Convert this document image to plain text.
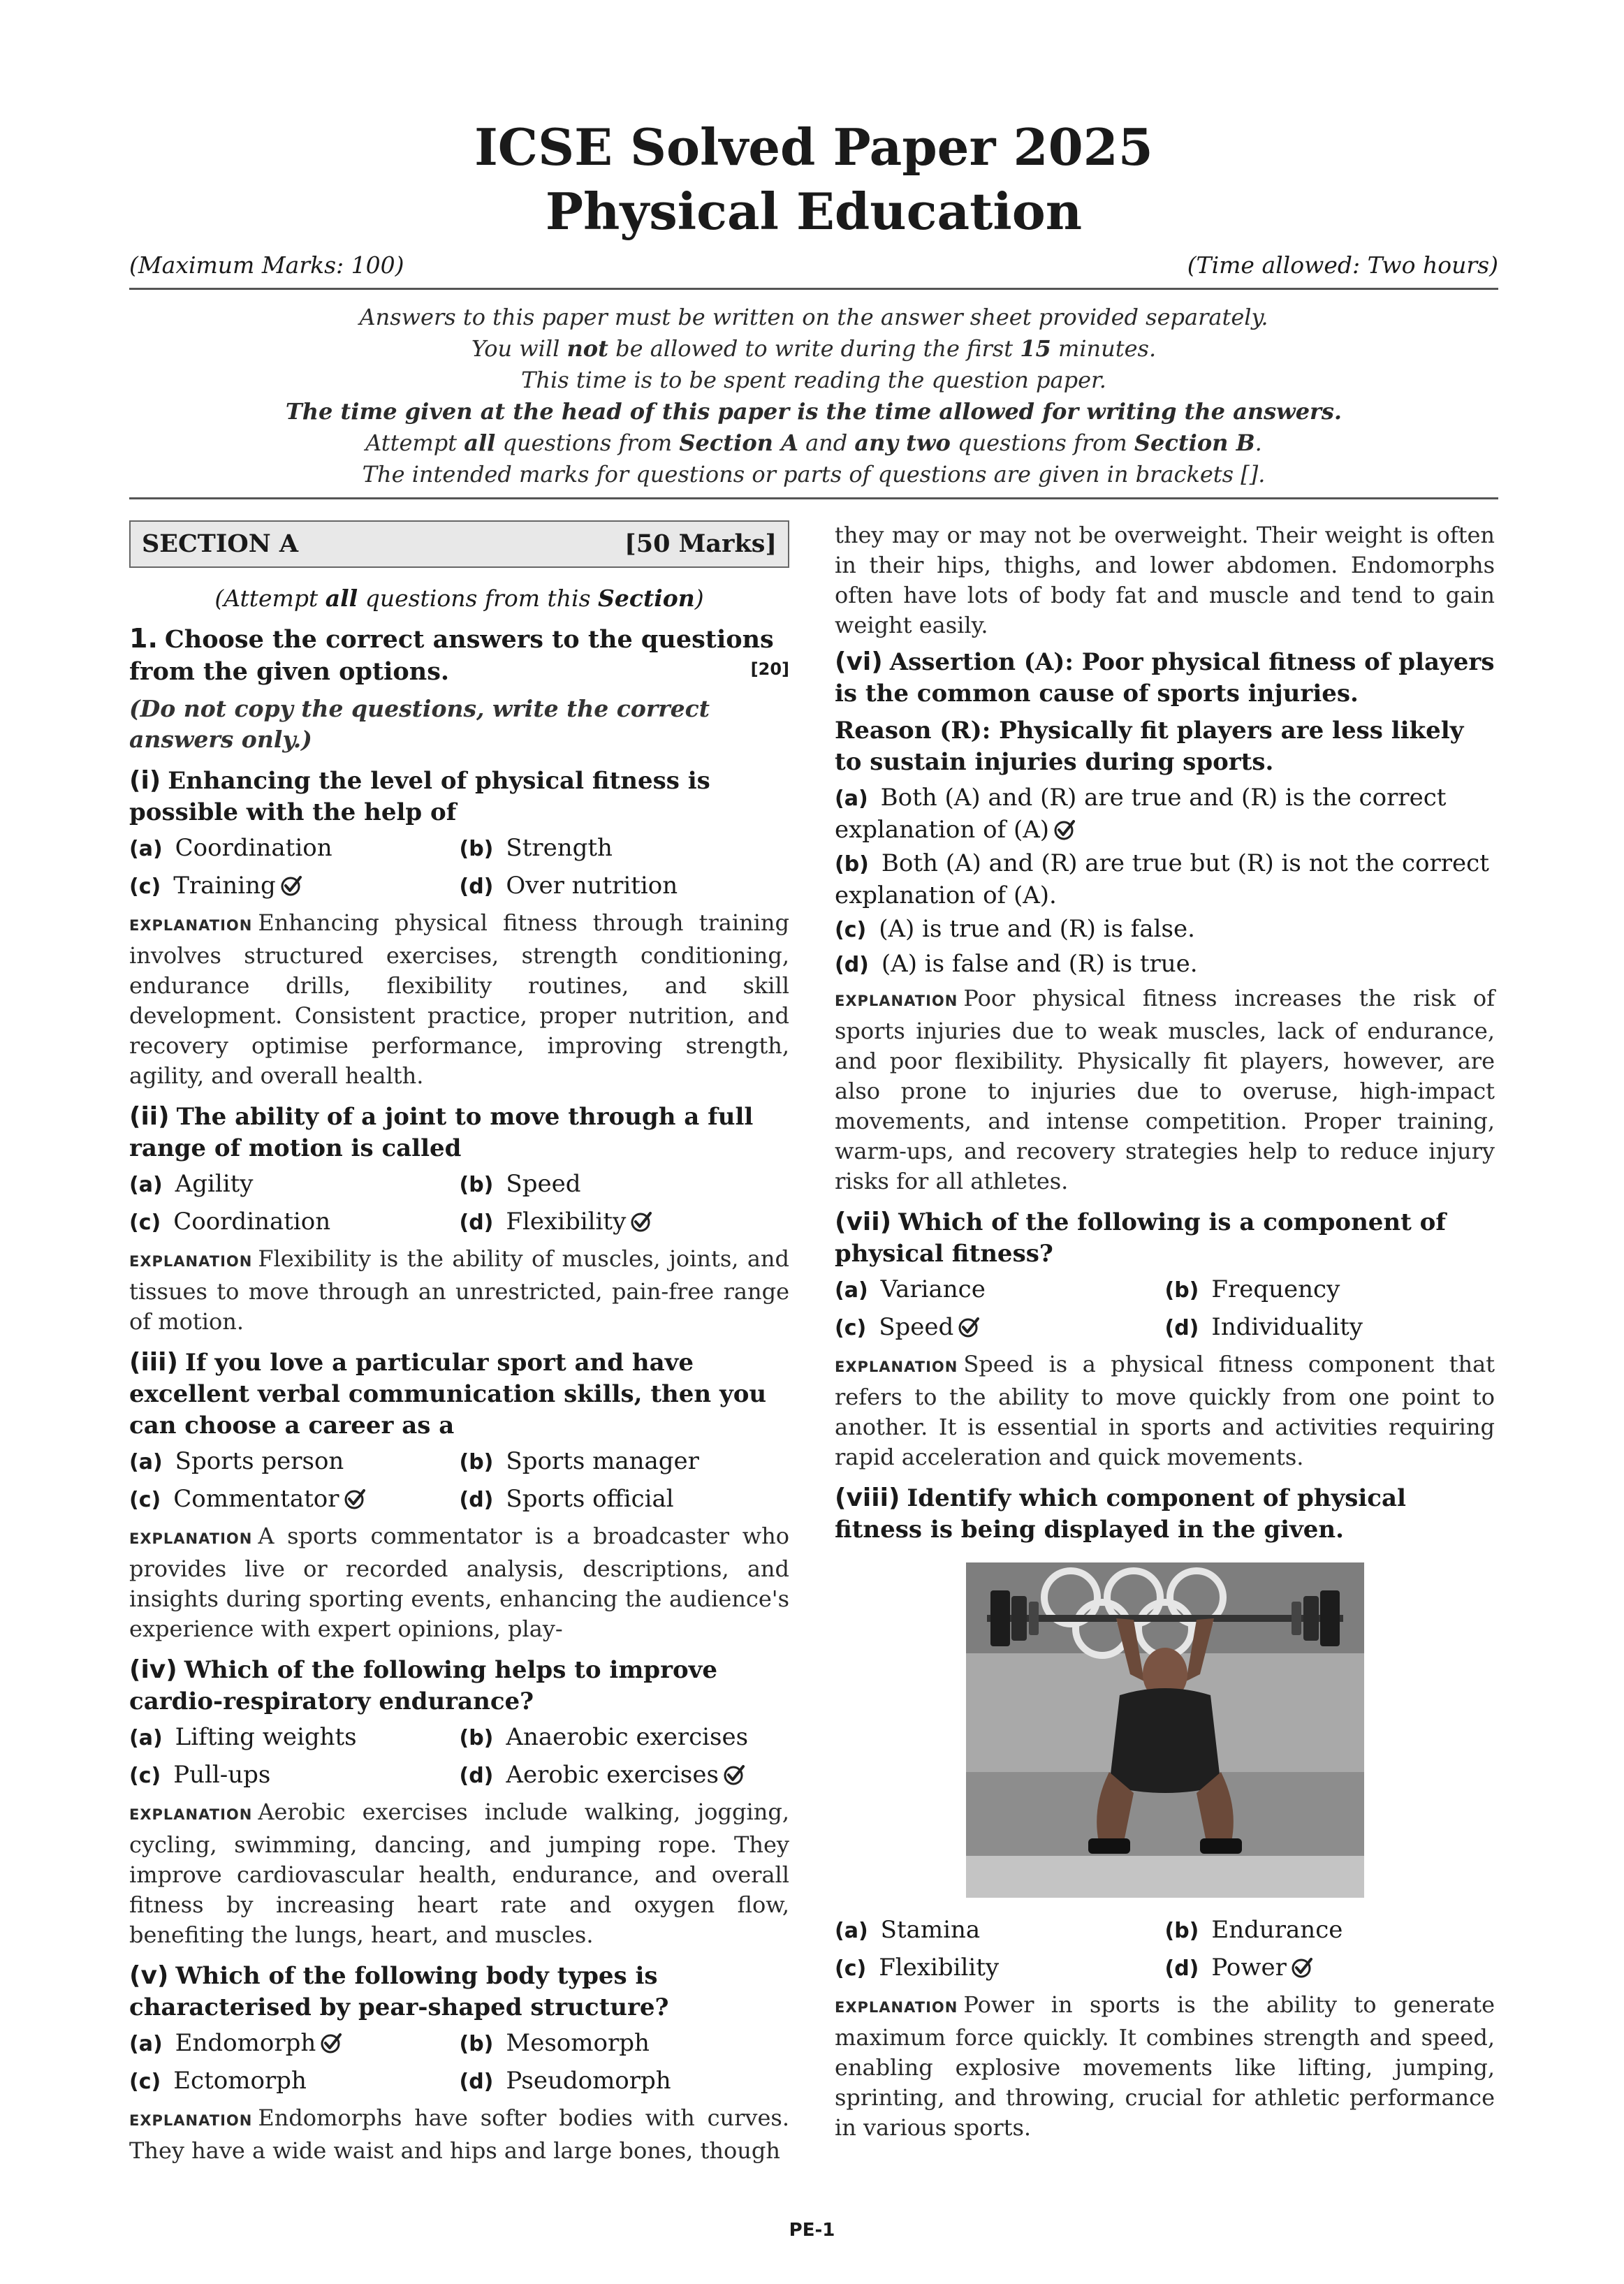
ICSE Solved Paper 2025

Physical Education

(Maximum Marks: 100)	(Time allowed: Two hours)

Answers to this paper must be written on the answer sheet provided separately.

You will not be allowed to write during the first 15 minutes.

This time is to be spent reading the question paper.

The time given at the head of this paper is the time allowed for writing the answers.

Attempt all questions from Section A and any two questions from Section B.

The intended marks for questions or parts of questions are given in brackets [].

SECTION A	[50 Marks]
(Attempt all questions from this Section)
1. Choose the correct answers to the questions from the given options.	[20]
(Do not copy the questions, write the correct answers only.)
(i) Enhancing the level of physical fitness is possible with the help of
(a) Coordination	(b) Strength
(c) Training	(d) Over nutrition
EXPLANATION Enhancing physical fitness through training involves structured exercises, strength conditioning, endurance drills, flexibility routines, and skill development. Consistent practice, proper nutrition, and recovery optimise performance, improving strength, agility, and overall health.
(ii) The ability of a joint to move through a full range of motion is called
(a) Agility	(b) Speed
(c) Coordination	(d) Flexibility
EXPLANATION Flexibility is the ability of muscles, joints, and tissues to move through an unrestricted, pain-free range of motion.
(iii) If you love a particular sport and have excellent verbal communication skills, then you can choose a career as a
(a) Sports person	(b) Sports manager
(c) Commentator	(d) Sports official
EXPLANATION A sports commentator is a broadcaster who provides live or recorded analysis, descriptions, and insights during sporting events, enhancing the audience's experience with expert opinions, play-
(iv) Which of the following helps to improve cardio-respiratory endurance?
(a) Lifting weights	(b) Anaerobic exercises
(c) Pull-ups	(d) Aerobic exercises
EXPLANATION Aerobic exercises include walking, jogging, cycling, swimming, dancing, and jumping rope. They improve cardiovascular health, endurance, and overall fitness by increasing heart rate and oxygen flow, benefiting the lungs, heart, and muscles.
(v) Which of the following body types is characterised by pear-shaped structure?
(a) Endomorph	(b) Mesomorph
(c) Ectomorph	(d) Pseudomorph
EXPLANATION Endomorphs have softer bodies with curves. They have a wide waist and hips and large bones, though
they may or may not be overweight. Their weight is often in their hips, thighs, and lower abdomen. Endomorphs often have lots of body fat and muscle and tend to gain weight easily.
(vi) Assertion (A): Poor physical fitness of players is the common cause of sports injuries.
Reason (R): Physically fit players are less likely to sustain injuries during sports.
(a) Both (A) and (R) are true and (R) is the correct explanation of (A)
(b) Both (A) and (R) are true but (R) is not the correct explanation of (A).
(c) (A) is true and (R) is false.
(d) (A) is false and (R) is true.
EXPLANATION Poor physical fitness increases the risk of sports injuries due to weak muscles, lack of endurance, and poor flexibility. Physically fit players, however, are also prone to injuries due to overuse, high-impact movements, and intense competition. Proper training, warm-ups, and recovery strategies help to reduce injury risks for all athletes.
(vii) Which of the following is a component of physical fitness?
(a) Variance	(b) Frequency
(c) Speed	(d) Individuality
EXPLANATION Speed is a physical fitness component that refers to the ability to move quickly from one point to another. It is essential in sports and activities requiring rapid acceleration and quick movements.
(viii) Identify which component of physical fitness is being displayed in the given.
(a) Stamina	(b) Endurance
(c) Flexibility	(d) Power
EXPLANATION Power in sports is the ability to generate maximum force quickly. It combines strength and speed, enabling explosive movements like lifting, jumping, sprinting, and throwing, crucial for athletic performance in various sports.
PE-1
